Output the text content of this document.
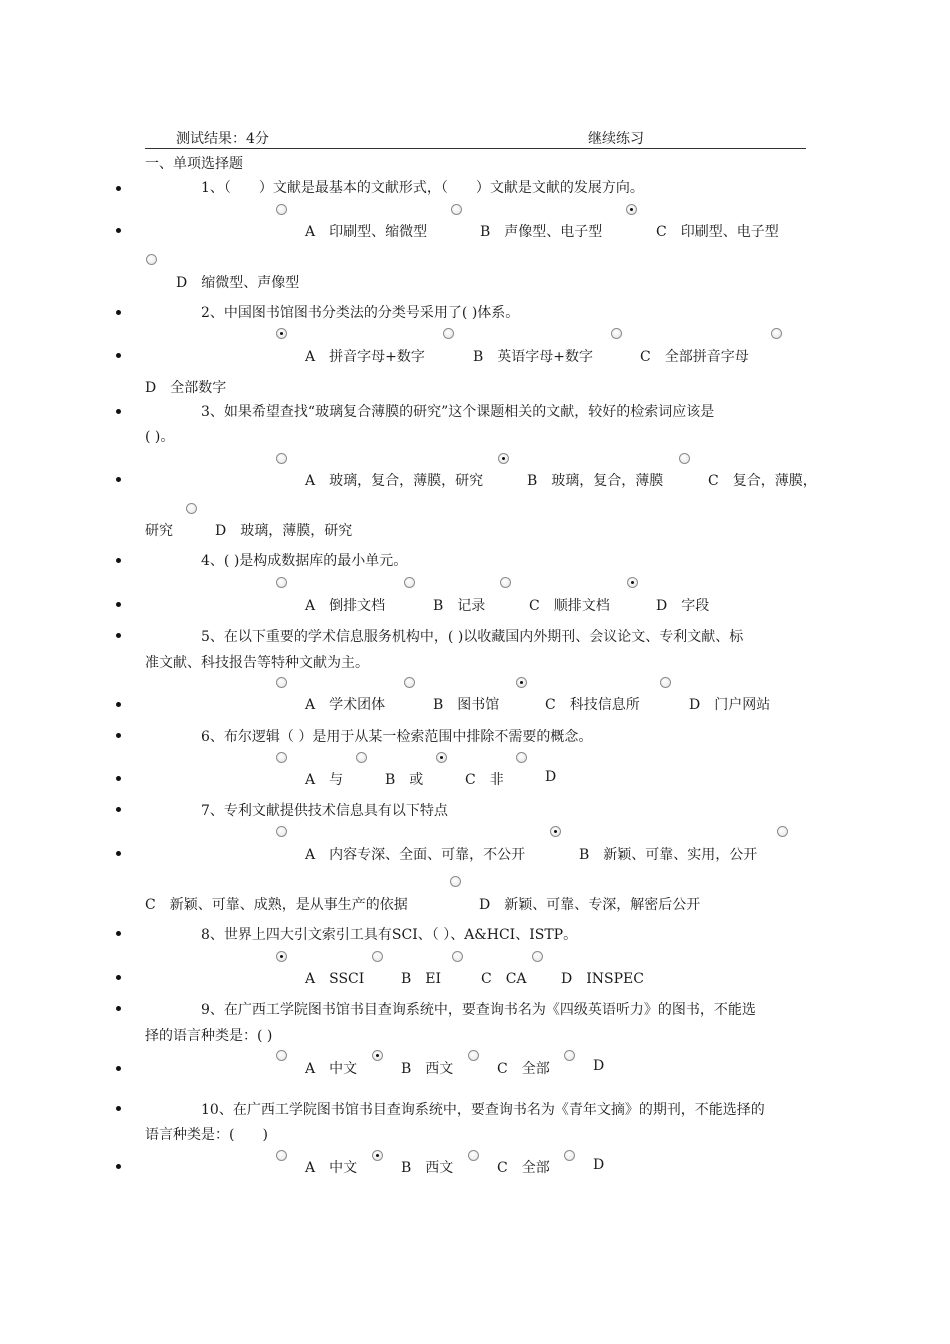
测试结果：4分	继续练习
一、单项选择题
1、（　　）文献是最基本的文献形式，（　　）文献是文献的发展方向。
A　印刷型、缩微型	B　声像型、电子型	C　印刷型、电子型
D　缩微型、声像型
2、中国图书馆图书分类法的分类号采用了( )体系。
A　拼音字母+数字	B　英语字母+数字	C　全部拼音字母
D　全部数字
3、如果希望查找“玻璃复合薄膜的研究”这个课题相关的文献，较好的检索词应该是
( )。
A　玻璃，复合，薄膜，研究	B　玻璃，复合，薄膜	C　复合，薄膜，
研究	D　玻璃，薄膜，研究
4、( )是构成数据库的最小单元。
A　倒排文档	B　记录	C　顺排文档	D　字段
5、在以下重要的学术信息服务机构中，( )以收藏国内外期刊、会议论文、专利文献、标
准文献、科技报告等特种文献为主。
A　学术团体	B　图书馆	C　科技信息所	D　门户网站
6、布尔逻辑（ ）是用于从某一检索范围中排除不需要的概念。
A　与	B　或	C　非	D
7、专利文献提供技术信息具有以下特点
A　内容专深、全面、可靠，不公开	B　新颖、可靠、实用，公开
C　新颖、可靠、成熟，是从事生产的依据	D　新颖、可靠、专深，解密后公开
8、世界上四大引文索引工具有SCI、（ ）、A&HCI、ISTP。
A　SSCI	B　EI	C　CA D　INSPEC
9、在广西工学院图书馆书目查询系统中，要查询书名为《四级英语听力》的图书，不能选
择的语言种类是：( )
A　中文	B　西文	C　全部	D
10、在广西工学院图书馆书目查询系统中，要查询书名为《青年文摘》的期刊，不能选择的
语言种类是：(　　)
A　中文	B　西文	C　全部	D
